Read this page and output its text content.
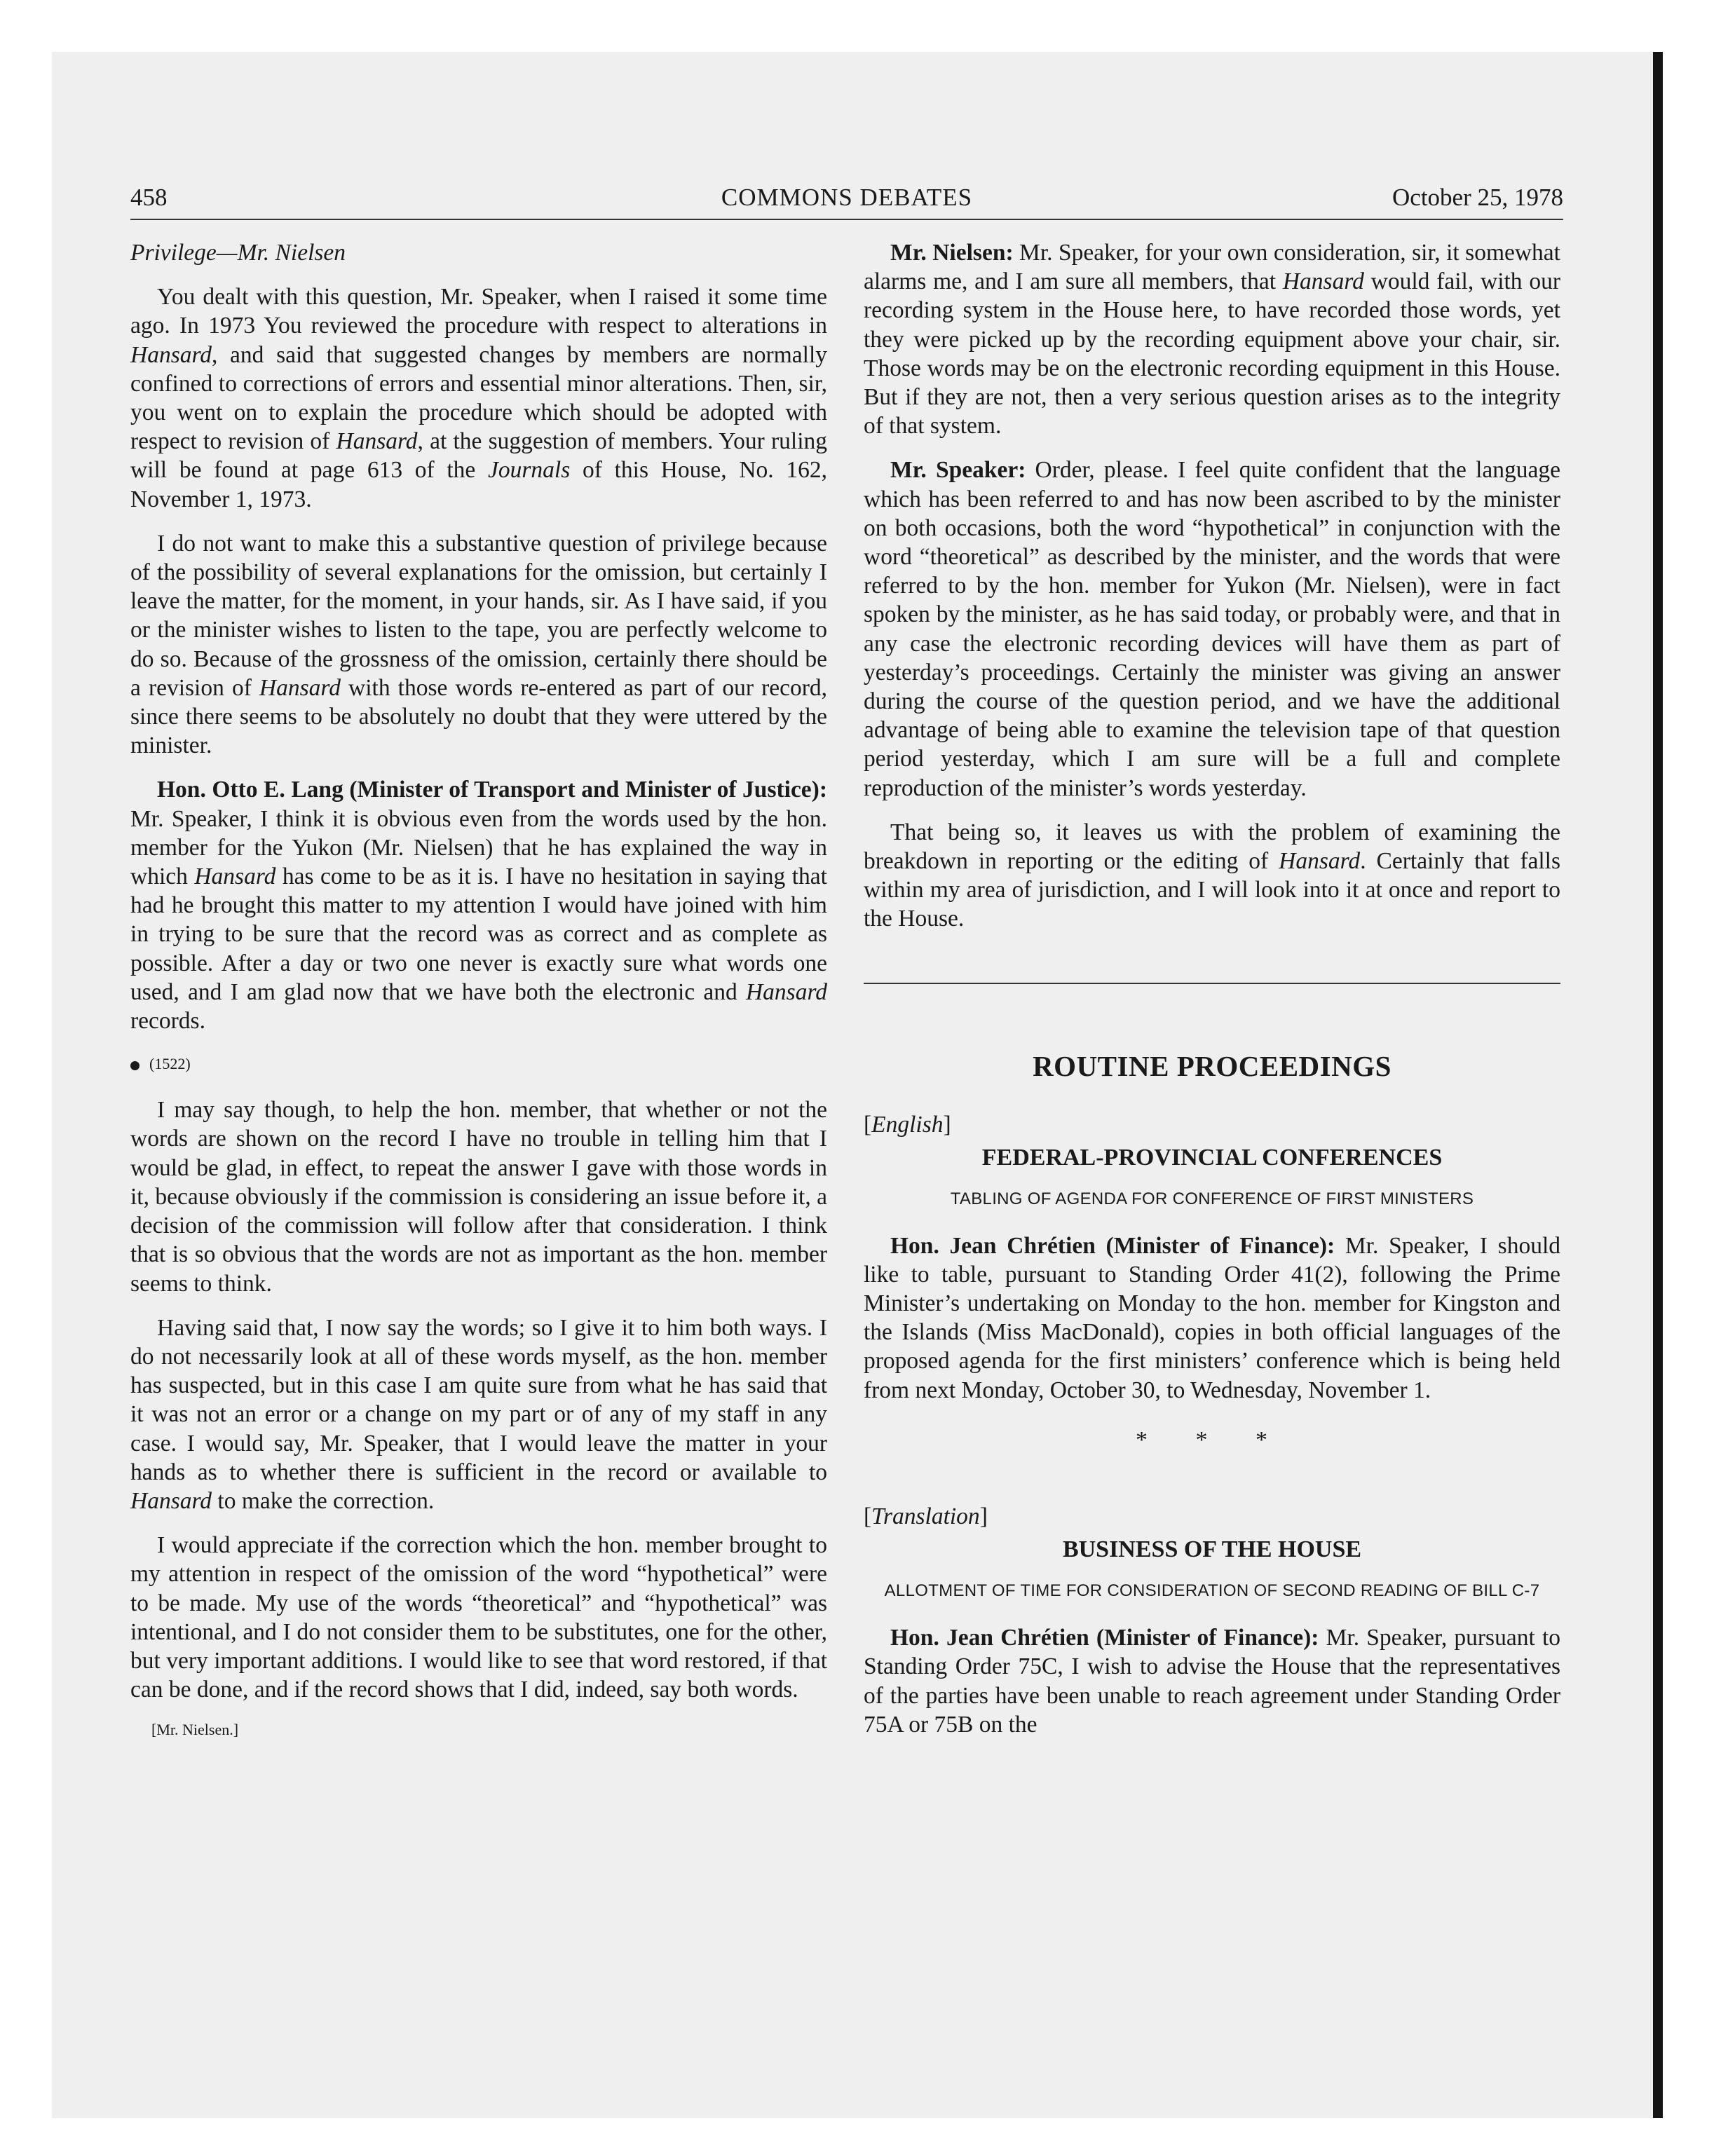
458	COMMONS DEBATES	October 25, 1978

Privilege—Mr. Nielsen

You dealt with this question, Mr. Speaker, when I raised it some time ago. In 1973 You reviewed the procedure with respect to alterations in Hansard, and said that suggested changes by members are normally confined to corrections of errors and essential minor alterations. Then, sir, you went on to explain the procedure which should be adopted with respect to revision of Hansard, at the suggestion of members. Your ruling will be found at page 613 of the Journals of this House, No. 162, November 1, 1973.

I do not want to make this a substantive question of privilege because of the possibility of several explanations for the omission, but certainly I leave the matter, for the moment, in your hands, sir. As I have said, if you or the minister wishes to listen to the tape, you are perfectly welcome to do so. Because of the grossness of the omission, certainly there should be a revision of Hansard with those words re-entered as part of our record, since there seems to be absolutely no doubt that they were uttered by the minister.

Hon. Otto E. Lang (Minister of Transport and Minister of Justice): Mr. Speaker, I think it is obvious even from the words used by the hon. member for the Yukon (Mr. Nielsen) that he has explained the way in which Hansard has come to be as it is. I have no hesitation in saying that had he brought this matter to my attention I would have joined with him in trying to be sure that the record was as correct and as complete as possible. After a day or two one never is exactly sure what words one used, and I am glad now that we have both the electronic and Hansard records.

(1522)

I may say though, to help the hon. member, that whether or not the words are shown on the record I have no trouble in telling him that I would be glad, in effect, to repeat the answer I gave with those words in it, because obviously if the commission is considering an issue before it, a decision of the commission will follow after that consideration. I think that is so obvious that the words are not as important as the hon. member seems to think.

Having said that, I now say the words; so I give it to him both ways. I do not necessarily look at all of these words myself, as the hon. member has suspected, but in this case I am quite sure from what he has said that it was not an error or a change on my part or of any of my staff in any case. I would say, Mr. Speaker, that I would leave the matter in your hands as to whether there is sufficient in the record or available to Hansard to make the correction.

I would appreciate if the correction which the hon. member brought to my attention in respect of the omission of the word “hypothetical” were to be made. My use of the words “theoretical” and “hypothetical” was intentional, and I do not consider them to be substitutes, one for the other, but very important additions. I would like to see that word restored, if that can be done, and if the record shows that I did, indeed, say both words.

[Mr. Nielsen.]

Mr. Nielsen: Mr. Speaker, for your own consideration, sir, it somewhat alarms me, and I am sure all members, that Hansard would fail, with our recording system in the House here, to have recorded those words, yet they were picked up by the recording equipment above your chair, sir. Those words may be on the electronic recording equipment in this House. But if they are not, then a very serious question arises as to the integrity of that system.

Mr. Speaker: Order, please. I feel quite confident that the language which has been referred to and has now been ascribed to by the minister on both occasions, both the word “hypothetical” in conjunction with the word “theoretical” as described by the minister, and the words that were referred to by the hon. member for Yukon (Mr. Nielsen), were in fact spoken by the minister, as he has said today, or probably were, and that in any case the electronic recording devices will have them as part of yesterday’s proceedings. Certainly the minister was giving an answer during the course of the question period, and we have the additional advantage of being able to examine the television tape of that question period yesterday, which I am sure will be a full and complete reproduction of the minister’s words yesterday.

That being so, it leaves us with the problem of examining the breakdown in reporting or the editing of Hansard. Certainly that falls within my area of jurisdiction, and I will look into it at once and report to the House.

ROUTINE PROCEEDINGS
[English]
FEDERAL-PROVINCIAL CONFERENCES
TABLING OF AGENDA FOR CONFERENCE OF FIRST MINISTERS

Hon. Jean Chrétien (Minister of Finance): Mr. Speaker, I should like to table, pursuant to Standing Order 41(2), following the Prime Minister’s undertaking on Monday to the hon. member for Kingston and the Islands (Miss MacDonald), copies in both official languages of the proposed agenda for the first ministers’ conference which is being held from next Monday, October 30, to Wednesday, November 1.

* * *
[Translation]
BUSINESS OF THE HOUSE
ALLOTMENT OF TIME FOR CONSIDERATION OF SECOND READING OF BILL C-7

Hon. Jean Chrétien (Minister of Finance): Mr. Speaker, pursuant to Standing Order 75C, I wish to advise the House that the representatives of the parties have been unable to reach agreement under Standing Order 75A or 75B on the
